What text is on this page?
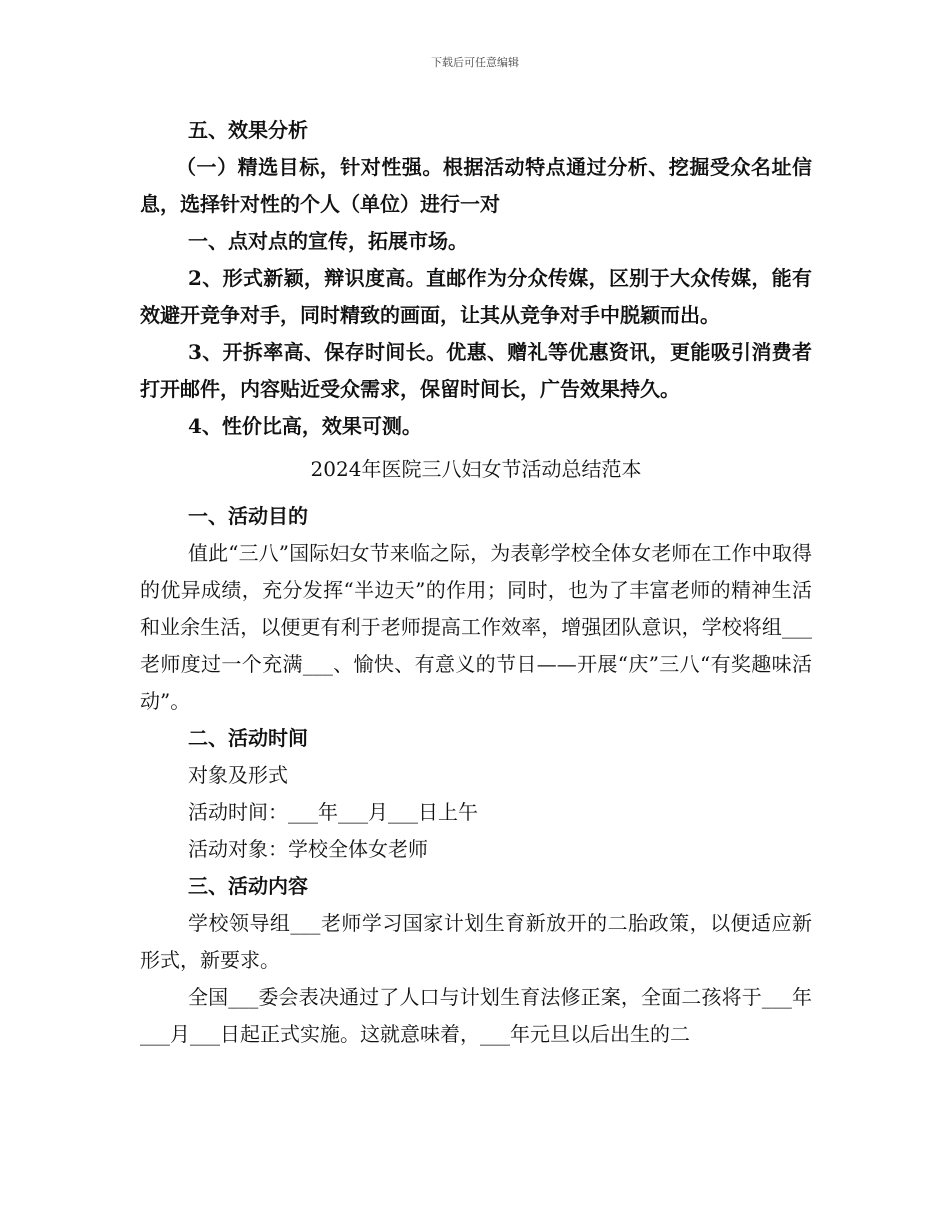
下载后可任意编辑

五、效果分析

（一）精选目标，针对性强。根据活动特点通过分析、挖掘受众名址信息，选择针对性的个人（单位）进行一对

一、点对点的宣传，拓展市场。

2、形式新颖，辩识度高。直邮作为分众传媒，区别于大众传媒，能有效避开竞争对手，同时精致的画面，让其从竞争对手中脱颖而出。

3、开拆率高、保存时间长。优惠、赠礼等优惠资讯，更能吸引消费者打开邮件，内容贴近受众需求，保留时间长，广告效果持久。

4、性价比高，效果可测。

2024年医院三八妇女节活动总结范本

一、活动目的

值此“三八”国际妇女节来临之际，为表彰学校全体女老师在工作中取得的优异成绩，充分发挥“半边天”的作用；同时，也为了丰富老师的精神生活和业余生活，以便更有利于老师提高工作效率，增强团队意识，学校将组___老师度过一个充满___、愉快、有意义的节日——开展“庆”三八“有奖趣味活动”。

二、活动时间

对象及形式

活动时间：___年___月___日上午

活动对象：学校全体女老师

三、活动内容

学校领导组___老师学习国家计划生育新放开的二胎政策，以便适应新形式，新要求。

全国___委会表决通过了人口与计划生育法修正案，全面二孩将于___年___月___日起正式实施。这就意味着，___年元旦以后出生的二
